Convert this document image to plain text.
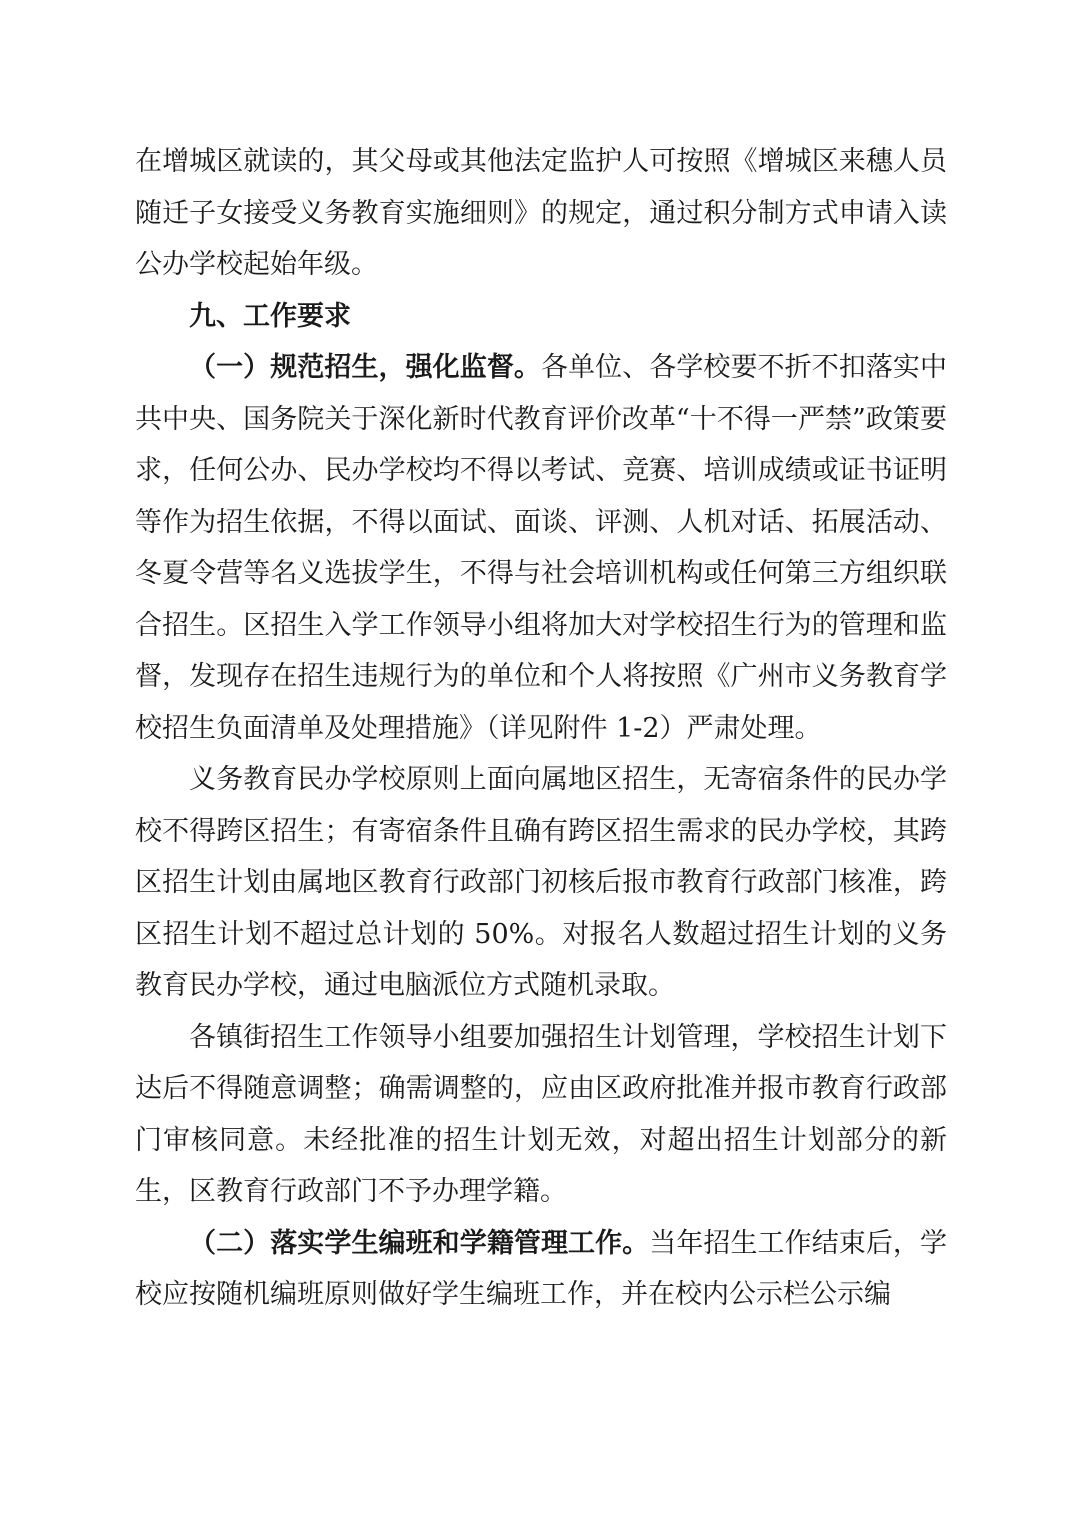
在增城区就读的，其父母或其他法定监护人可按照《增城区来穗人员随迁子女接受义务教育实施细则》的规定，通过积分制方式申请入读公办学校起始年级。

九、工作要求

（一）规范招生，强化监督。各单位、各学校要不折不扣落实中共中央、国务院关于深化新时代教育评价改革“十不得一严禁”政策要求，任何公办、民办学校均不得以考试、竞赛、培训成绩或证书证明等作为招生依据，不得以面试、面谈、评测、人机对话、拓展活动、冬夏令营等名义选拔学生，不得与社会培训机构或任何第三方组织联合招生。区招生入学工作领导小组将加大对学校招生行为的管理和监督，发现存在招生违规行为的单位和个人将按照《广州市义务教育学校招生负面清单及处理措施》（详见附件 1-2）严肃处理。

义务教育民办学校原则上面向属地区招生，无寄宿条件的民办学校不得跨区招生；有寄宿条件且确有跨区招生需求的民办学校，其跨区招生计划由属地区教育行政部门初核后报市教育行政部门核准，跨区招生计划不超过总计划的 50%。对报名人数超过招生计划的义务教育民办学校，通过电脑派位方式随机录取。

各镇街招生工作领导小组要加强招生计划管理，学校招生计划下达后不得随意调整；确需调整的，应由区政府批准并报市教育行政部门审核同意。未经批准的招生计划无效，对超出招生计划部分的新生，区教育行政部门不予办理学籍。

（二）落实学生编班和学籍管理工作。当年招生工作结束后，学校应按随机编班原则做好学生编班工作，并在校内公示栏公示编
